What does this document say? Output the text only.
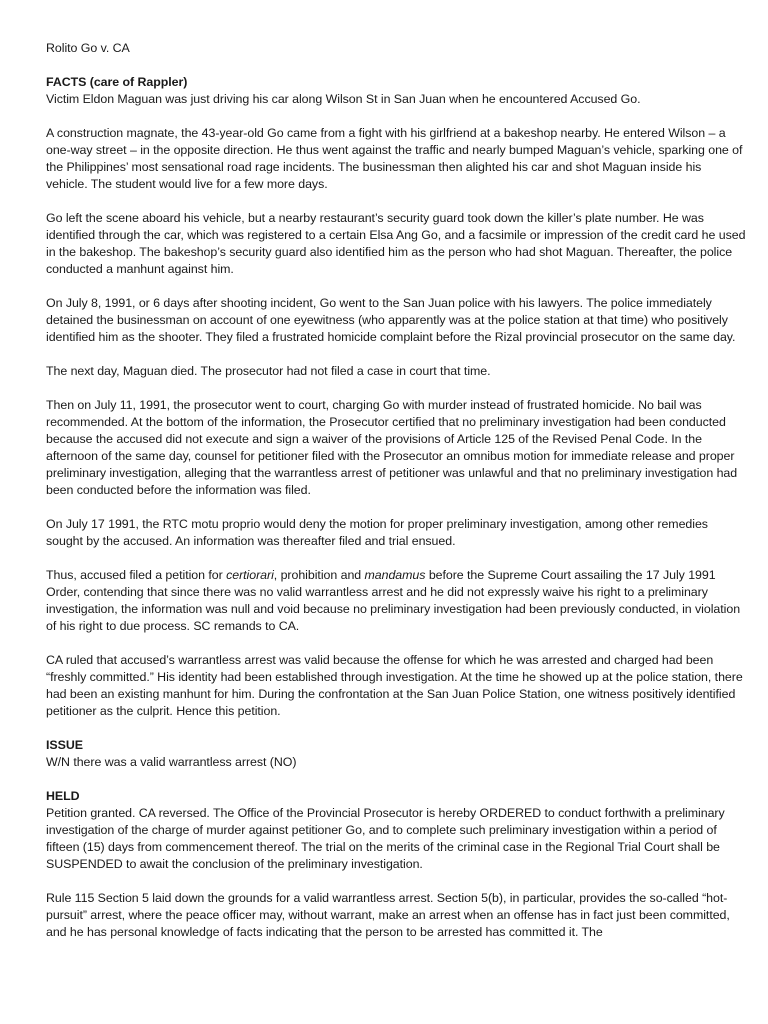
Rolito Go v. CA

FACTS (care of Rappler)

Victim Eldon Maguan was just driving his car along Wilson St in San Juan when he encountered Accused Go.

A construction magnate, the 43-year-old Go came from a fight with his girlfriend at a bakeshop nearby. He entered Wilson – a one-way street – in the opposite direction. He thus went against the traffic and nearly bumped Maguan’s vehicle, sparking one of the Philippines’ most sensational road rage incidents. The businessman then alighted his car and shot Maguan inside his vehicle. The student would live for a few more days.

Go left the scene aboard his vehicle, but a nearby restaurant’s security guard took down the killer’s plate number. He was identified through the car, which was registered to a certain Elsa Ang Go, and a facsimile or impression of the credit card he used in the bakeshop. The bakeshop’s security guard also identified him as the person who had shot Maguan. Thereafter, the police conducted a manhunt against him.

On July 8, 1991, or 6 days after shooting incident, Go went to the San Juan police with his lawyers. The police immediately detained the businessman on account of one eyewitness (who apparently was at the police station at that time) who positively identified him as the shooter. They filed a frustrated homicide complaint before the Rizal provincial prosecutor on the same day.

The next day, Maguan died. The prosecutor had not filed a case in court that time.

Then on July 11, 1991, the prosecutor went to court, charging Go with murder instead of frustrated homicide. No bail was recommended. At the bottom of the information, the Prosecutor certified that no preliminary investigation had been conducted because the accused did not execute and sign a waiver of the provisions of Article 125 of the Revised Penal Code. In the afternoon of the same day, counsel for petitioner filed with the Prosecutor an omnibus motion for immediate release and proper preliminary investigation, alleging that the warrantless arrest of petitioner was unlawful and that no preliminary investigation had been conducted before the information was filed.

On July 17 1991, the RTC motu proprio would deny the motion for proper preliminary investigation, among other remedies sought by the accused. An information was thereafter filed and trial ensued.

Thus, accused filed a petition for certiorari, prohibition and mandamus before the Supreme Court assailing the 17 July 1991 Order, contending that since there was no valid warrantless arrest and he did not expressly waive his right to a preliminary investigation, the information was null and void because no preliminary investigation had been previously conducted, in violation of his right to due process. SC remands to CA.

CA ruled that accused’s warrantless arrest was valid because the offense for which he was arrested and charged had been “freshly committed.” His identity had been established through investigation. At the time he showed up at the police station, there had been an existing manhunt for him. During the confrontation at the San Juan Police Station, one witness positively identified petitioner as the culprit. Hence this petition.

ISSUE

W/N there was a valid warrantless arrest (NO)

HELD

Petition granted. CA reversed. The Office of the Provincial Prosecutor is hereby ORDERED to conduct forthwith a preliminary investigation of the charge of murder against petitioner Go, and to complete such preliminary investigation within a period of fifteen (15) days from commencement thereof. The trial on the merits of the criminal case in the Regional Trial Court shall be SUSPENDED to await the conclusion of the preliminary investigation.

Rule 115 Section 5 laid down the grounds for a valid warrantless arrest. Section 5(b), in particular, provides the so-called “hot-pursuit” arrest, where the peace officer may, without warrant, make an arrest when an offense has in fact just been committed, and he has personal knowledge of facts indicating that the person to be arrested has committed it. The
